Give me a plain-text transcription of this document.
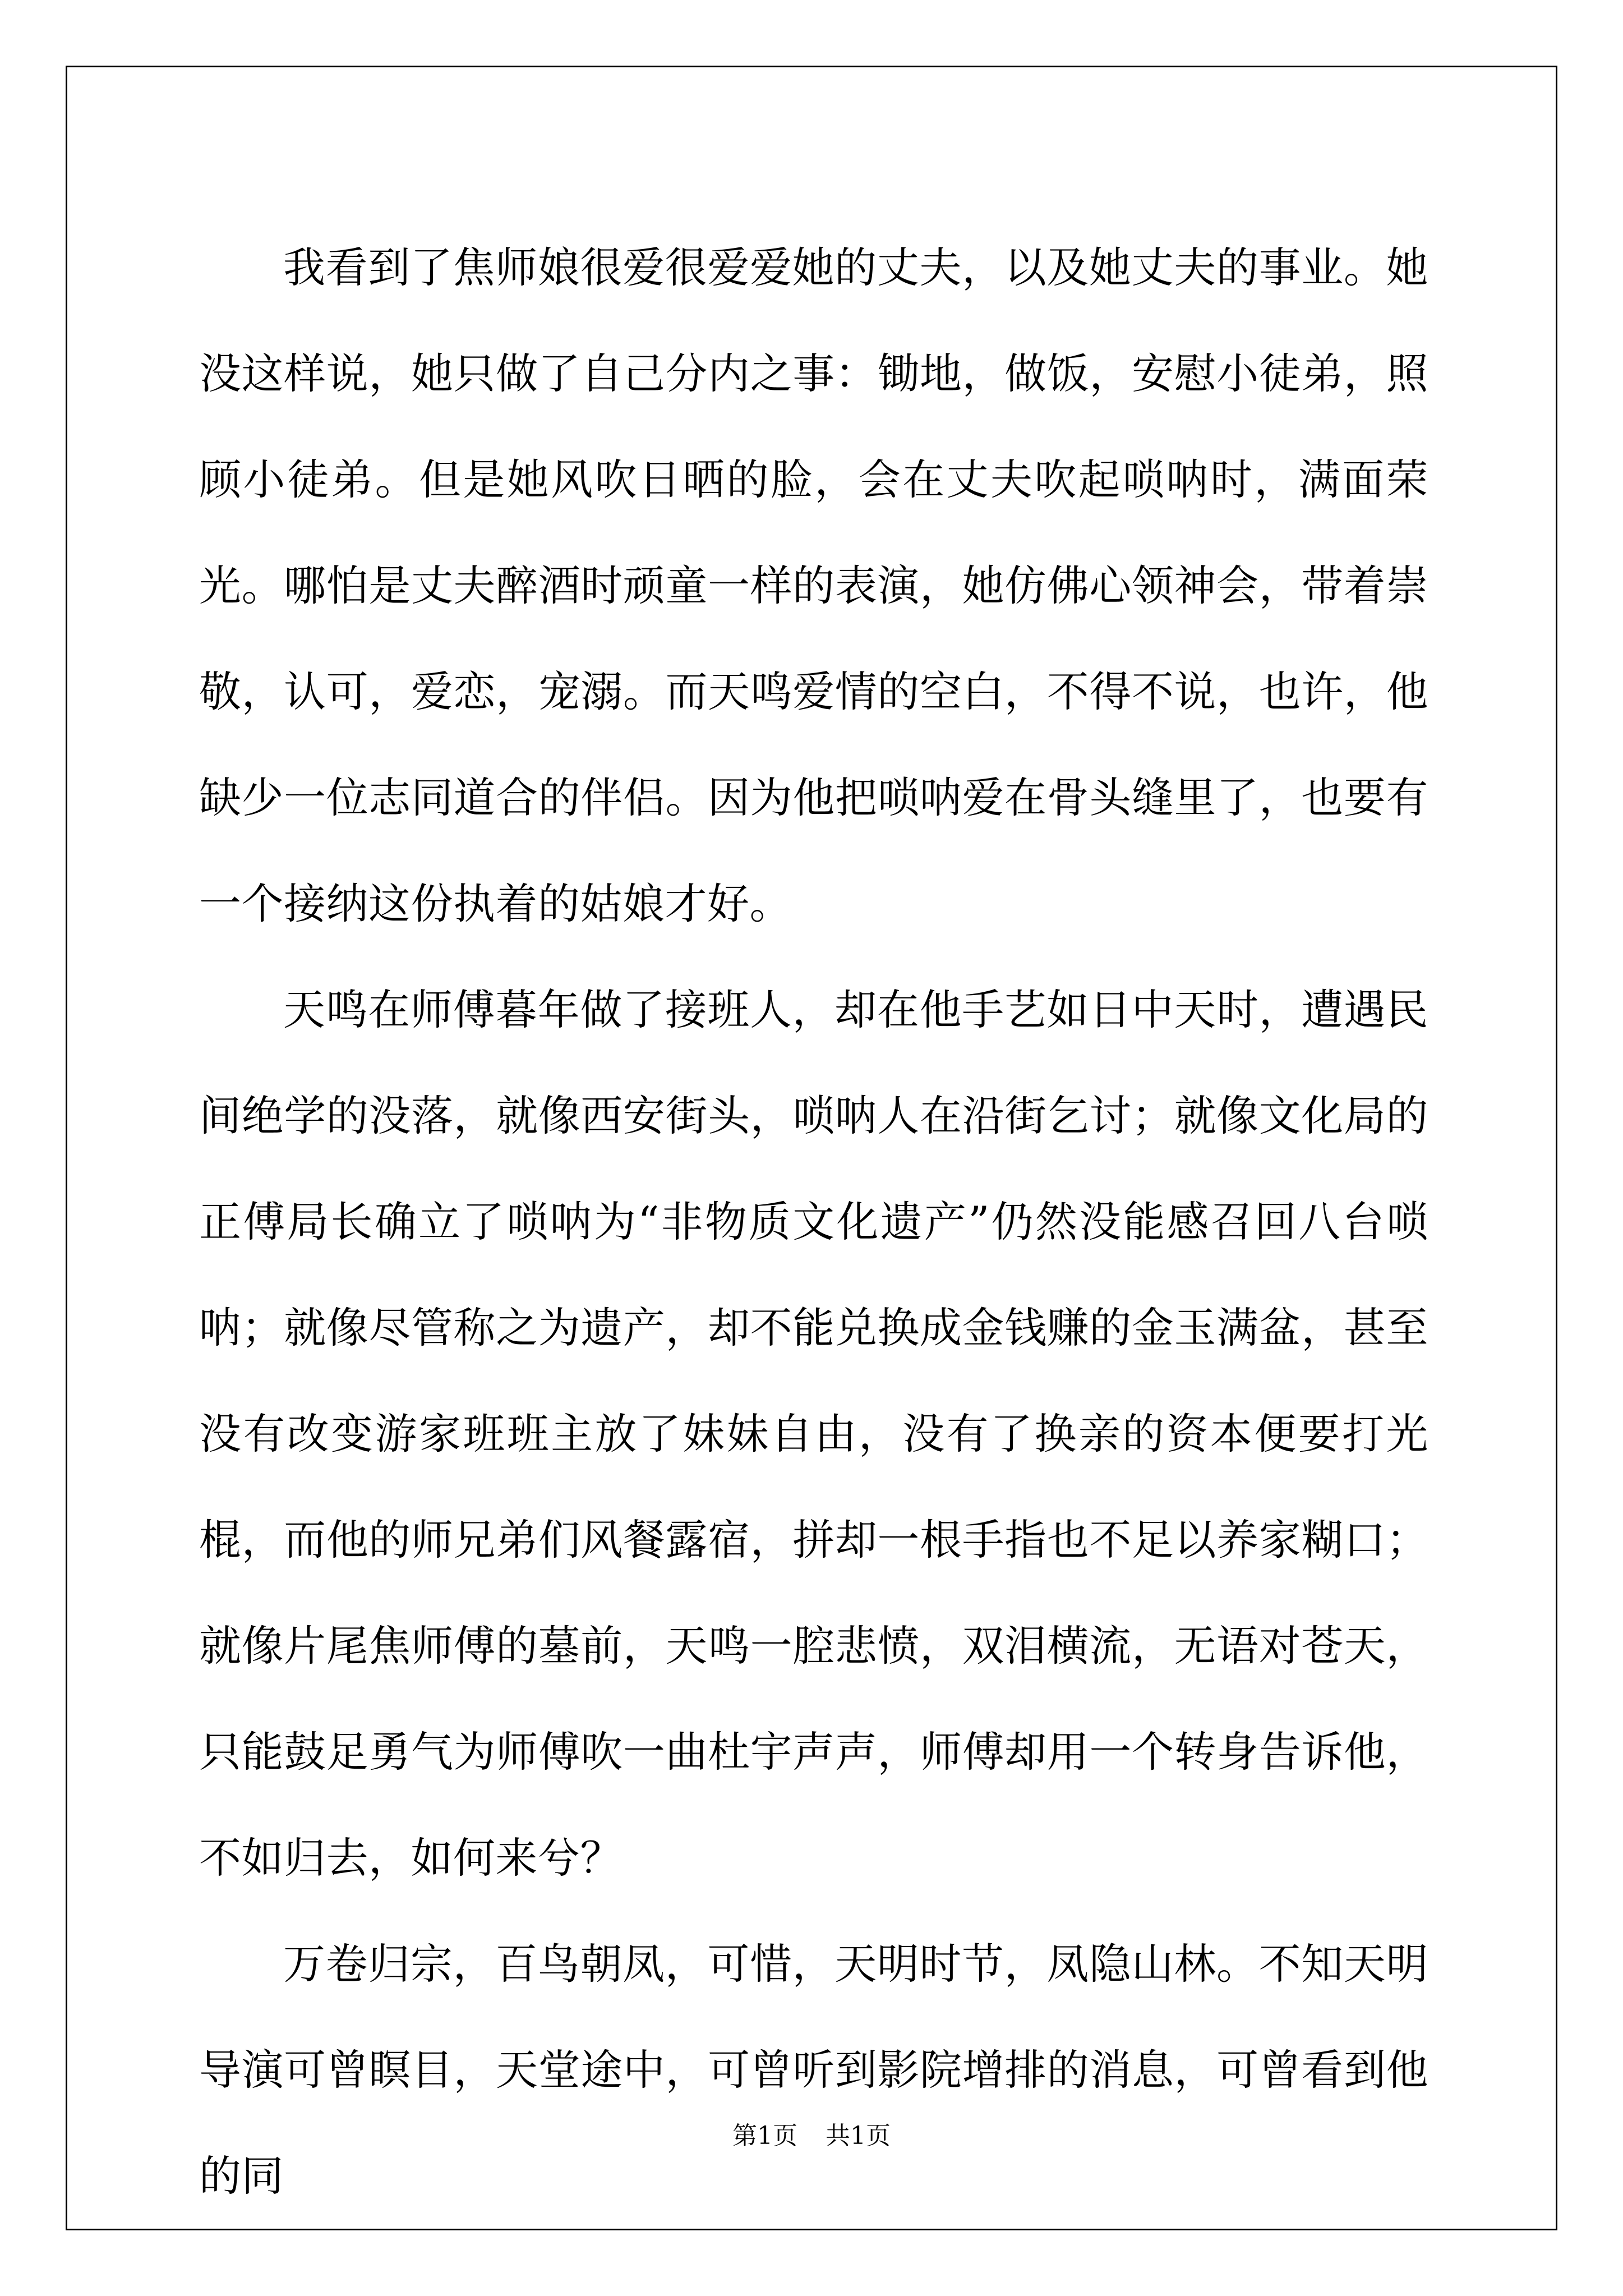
我看到了焦师娘很爱很爱爱她的丈夫，以及她丈夫的事业。她没这样说，她只做了自己分内之事：锄地，做饭，安慰小徒弟，照顾小徒弟。但是她风吹日晒的脸，会在丈夫吹起唢呐时，满面荣光。哪怕是丈夫醉酒时顽童一样的表演，她仿佛心领神会，带着崇敬，认可，爱恋，宠溺。而天鸣爱情的空白，不得不说，也许，他缺少一位志同道合的伴侣。因为他把唢呐爱在骨头缝里了，也要有一个接纳这份执着的姑娘才好。

天鸣在师傅暮年做了接班人，却在他手艺如日中天时，遭遇民间绝学的没落，就像西安街头，唢呐人在沿街乞讨；就像文化局的正傅局长确立了唢呐为“非物质文化遗产”仍然没能感召回八台唢呐；就像尽管称之为遗产，却不能兑换成金钱赚的金玉满盆，甚至没有改变游家班班主放了妹妹自由，没有了换亲的资本便要打光棍，而他的师兄弟们风餐露宿，拼却一根手指也不足以养家糊口；就像片尾焦师傅的墓前，天鸣一腔悲愤，双泪横流，无语对苍天，只能鼓足勇气为师傅吹一曲杜宇声声，师傅却用一个转身告诉他，不如归去，如何来兮？

万卷归宗，百鸟朝凤，可惜，天明时节，凤隐山林。不知天明导演可曾瞑目，天堂途中，可曾听到影院增排的消息，可曾看到他的同

第1页 共1页
